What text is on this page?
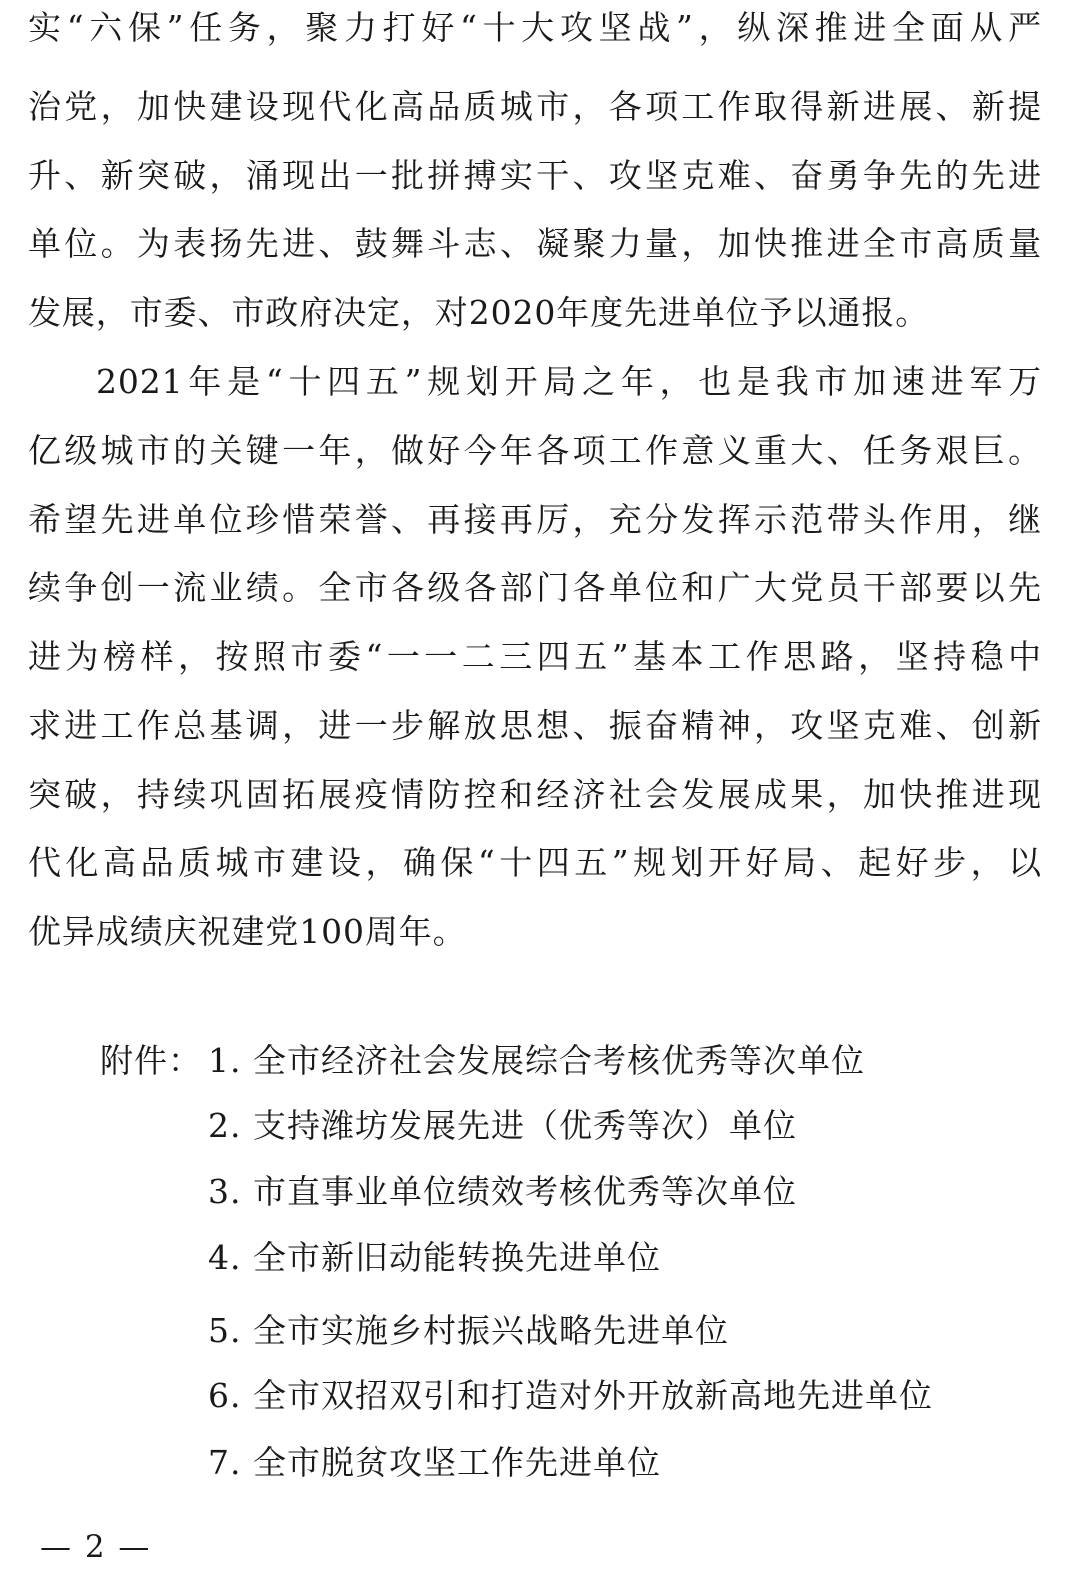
实“六保”任务，聚力打好“十大攻坚战”，纵深推进全面从严
治党，加快建设现代化高品质城市，各项工作取得新进展、新提
升、新突破，涌现出一批拼搏实干、攻坚克难、奋勇争先的先进
单位。为表扬先进、鼓舞斗志、凝聚力量，加快推进全市高质量
发展，市委、市政府决定，对2020年度先进单位予以通报。
2021年是“十四五”规划开局之年，也是我市加速进军万
亿级城市的关键一年，做好今年各项工作意义重大、任务艰巨。
希望先进单位珍惜荣誉、再接再厉，充分发挥示范带头作用，继
续争创一流业绩。全市各级各部门各单位和广大党员干部要以先
进为榜样，按照市委“一一二三四五”基本工作思路，坚持稳中
求进工作总基调，进一步解放思想、振奋精神，攻坚克难、创新
突破，持续巩固拓展疫情防控和经济社会发展成果，加快推进现
代化高品质城市建设，确保“十四五”规划开好局、起好步，以
优异成绩庆祝建党100周年。
附件： 1. 全市经济社会发展综合考核优秀等次单位
2. 支持潍坊发展先进（优秀等次）单位
3. 市直事业单位绩效考核优秀等次单位
4. 全市新旧动能转换先进单位
5. 全市实施乡村振兴战略先进单位
6. 全市双招双引和打造对外开放新高地先进单位
7. 全市脱贫攻坚工作先进单位
— 2 —
